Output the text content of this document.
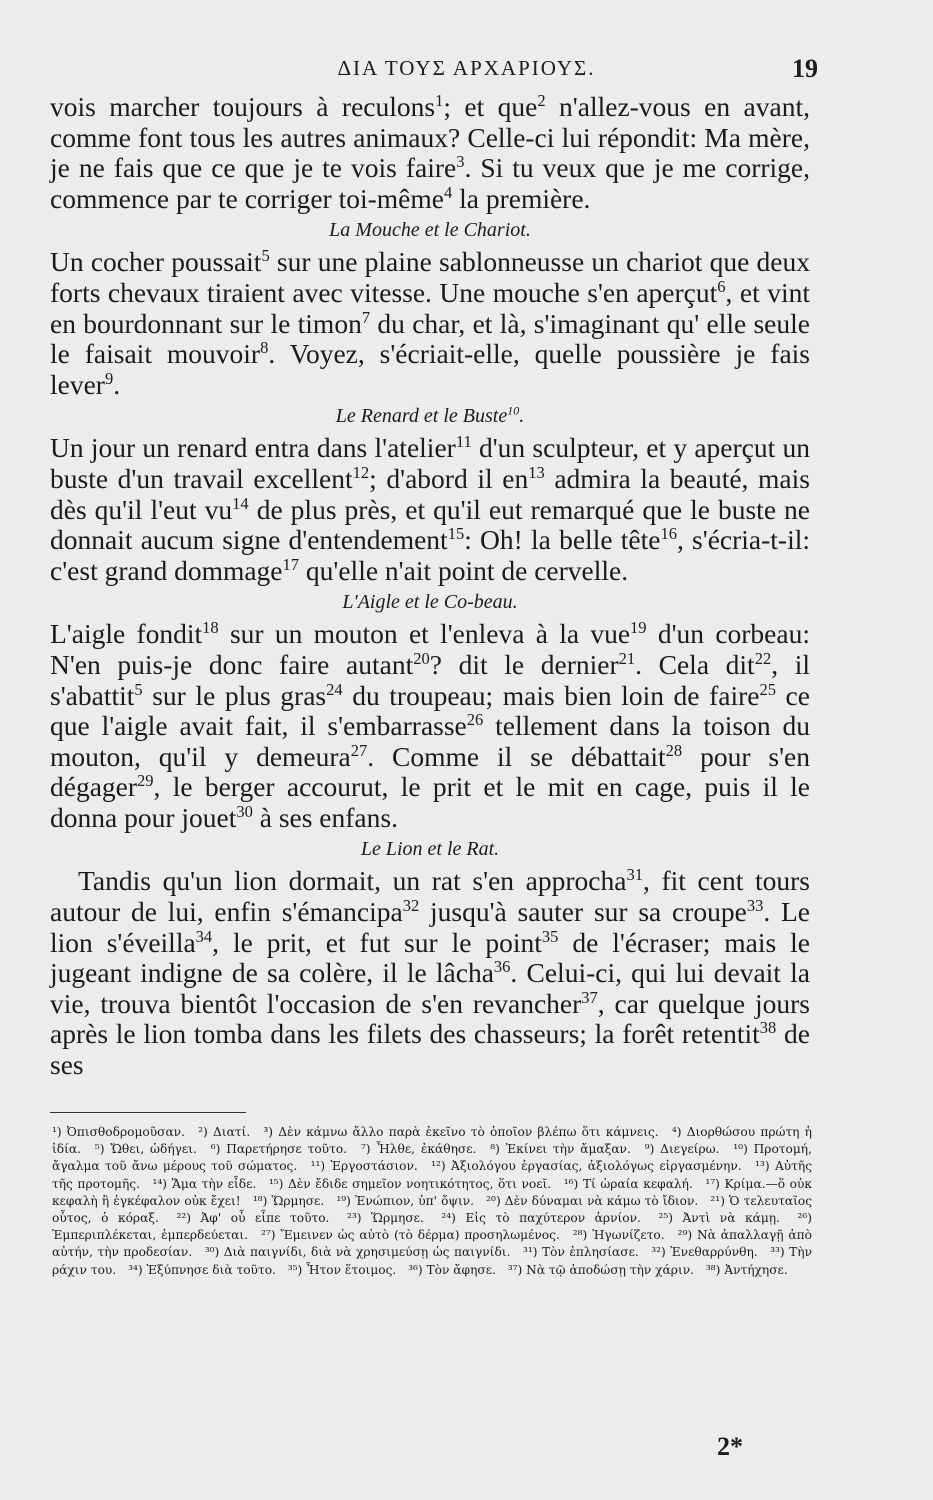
ΔΙΑ ΤΟΥΣ ΑΡΧΑΡΙΟΥΣ.	19

vois marcher toujours à reculons$^1$; et que$^2$ n'allez-vous en avant, comme font tous les autres animaux? Celle-ci lui répondit: Ma mère, je ne fais que ce que je te vois faire$^3$. Si tu veux que je me corrige, commence par te corriger toi-même$^4$ la première.

La Mouche et le Chariot.

Un cocher poussait$^5$ sur une plaine sablonneusse un chariot que deux forts chevaux tiraient avec vitesse. Une mouche s'en aperçut$^6$, et vint en bourdonnant sur le timon$^7$ du char, et là, s'imaginant qu' elle seule le faisait mouvoir$^8$. Voyez, s'écriait-elle, quelle poussière je fais lever$^9$.

Le Renard et le Buste$^{10}$.

Un jour un renard entra dans l'atelier$^{11}$ d'un sculpteur, et y aperçut un buste d'un travail excellent$^{12}$; d'abord il $en^{13}$ admira la beauté, mais dès qu'il l'eut $vu^{14}$ de plus près, et qu'il eut remarqué que le buste ne donnait aucum signe d'entendement$^{15}$: Oh! la belle tête$^{16}$, s'écria-t-il: c'est grand dommage$^{17}$ qu'elle n'ait point de cervelle.

L'Aigle et le Co-beau.

L'aigle fondit$^{18}$ sur un mouton et l'enleva à la vue$^{19}$ d'un corbeau: N'en puis-je donc faire autant$^{20}$? dit le dernier$^{21}$. Cela dit$^{22}$, il s'abattit$^5$ sur le plus gras$^{24}$ du troupeau; mais bien loin de faire$^{25}$ ce que l'aigle avait fait, il s'embarrasse$^{26}$ tellement dans la toison du mouton, qu'il y demeura$^{27}$. Comme il se débattait$^{28}$ pour s'en dégager$^{29}$, le berger accourut, le prit et le mit en cage, puis il le donna pour jouet$^{30}$ à ses enfans.

Le Lion et le Rat.

Tandis qu'un lion dormait, un rat s'en approcha$^{31}$, fit cent tours autour de lui, enfin s'émancipa$^{32}$ jusqu'à sauter sur sa croupe$^{33}$. Le lion s'éveilla$^{34}$, le prit, et fut sur le point$^{35}$ de l'écraser; mais le jugeant indigne de sa colère, il le lâcha$^{36}$. Celui-ci, qui lui devait la vie, trouva bientôt l'occasion de s'en revancher$^{37}$, car quelque jours après le lion tomba dans les filets des chasseurs; la forêt retentit$^{38}$ de ses

¹) Ὀπισθοδρομοῦσαν. ²) Διατί. ³) Δὲν κάμνω ἄλλο παρὰ ἐκεῖνο τὸ ὁποῖον βλέπω ὅτι κάμνεις. ⁴) Διορθώσου πρώτη ἡ ἰδία. ⁵) Ὤθει, ὡδήγει. ⁶) Παρετήρησε τοῦτο. ⁷) Ἦλθε, ἐκάθησε. ⁸) Ἐκίνει τὴν ἄμαξαν. ⁹) Διεγείρω. ¹⁰) Προτομή, ἄγαλμα τοῦ ἄνω μέρους τοῦ σώματος. ¹¹) Ἐργοστάσιον. ¹²) Ἀξιολόγου ἐργασίας, ἀξιολόγως εἰργασμένην. ¹³) Αὐτῆς τῆς προτομῆς. ¹⁴) Ἅμα τὴν εἶδε. ¹⁵) Δὲν ἔδιδε σημεῖον νοητικότητος, ὅτι νοεῖ. ¹⁶) Τί ὡραία κεφαλή. ¹⁷) Κρίμα.—ὅ οὐκ κεφαλὴ ἢ ἐγκέφαλον οὐκ ἔχει! ¹⁸) Ὥρμησε. ¹⁹) Ἐνώπιον, ὑπ' ὄψιν. ²⁰) Δὲν δύναμαι νὰ κάμω τὸ ἴδιον. ²¹) Ὁ τελευταῖος οὗτος, ὁ κόραξ. ²²) Ἀφ' οὗ εἶπε τοῦτο. ²³) Ὥρμησε. ²⁴) Εἰς τὸ παχύτερον ἀρνίον. ²⁵) Ἀντὶ νὰ κάμῃ. ²⁶) Ἐμπεριπλέκεται, ἐμπερδεύεται. ²⁷) Ἔμεινεν ὡς αὐτὸ (τὸ δέρμα) προσηλωμένος. ²⁸) Ἠγωνίζετο. ²⁹) Νὰ ἀπαλλαγῇ ἀπὸ αὐτήν, τὴν προδεσίαν. ³⁰) Διὰ παιγνίδι, διὰ νὰ χρησιμεύσῃ ὡς παιγνίδι. ³¹) Τὸν ἐπλησίασε. ³²) Ἐνεθαρρύνθη. ³³) Τὴν ράχιν του. ³⁴) Ἐξύπνησε διὰ τοῦτο. ³⁵) Ἦτον ἕτοιμος. ³⁶) Τὸν ἄφησε. ³⁷) Νὰ τῷ ἀποδώσῃ τὴν χάριν. ³⁸) Ἀντήχησε.
2*
